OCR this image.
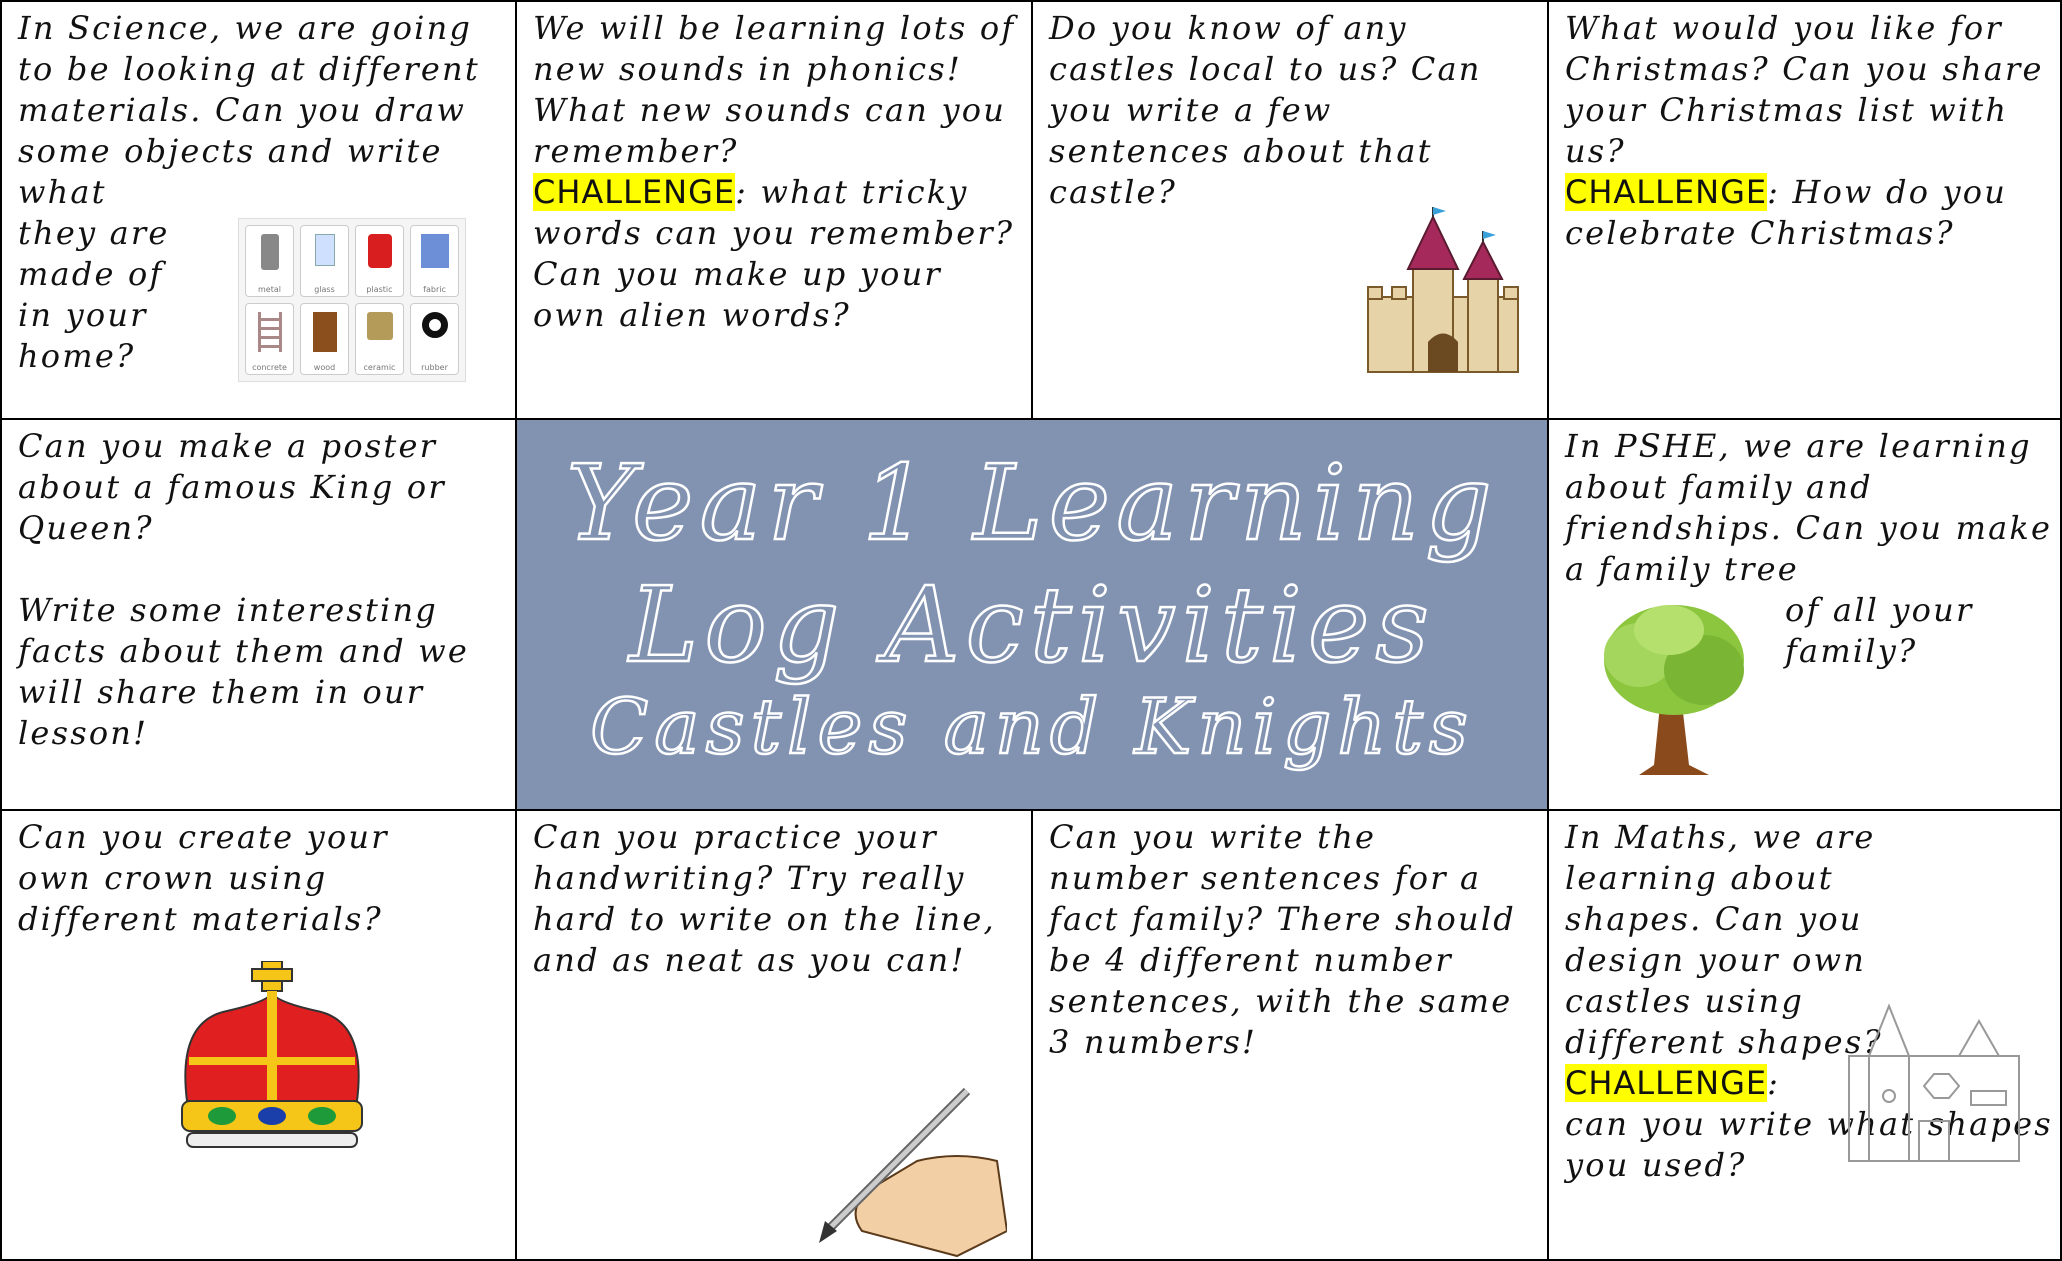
In Science, we are going to be looking at different materials. Can you draw some objects and write what

they are made of in your home?

metal	glass	plastic	fabric
concrete	wood	ceramic	rubber

We will be learning lots of new sounds in phonics! What new sounds can you remember?

CHALLENGE: what tricky words can you remember? Can you make up your own alien words?

Do you know of any castles local to us? Can you write a few sentences about that castle?

What would you like for Christmas? Can you share your Christmas list with us?

CHALLENGE: How do you celebrate Christmas?

Can you make a poster about a famous King or Queen?

Write some interesting facts about them and we will share them in our lesson!

Year 1 Learning
Log Activities
Castles and Knights

In PSHE, we are learning about family and friendships. Can you make a family tree

of all your family?

Can you create your own crown using different materials?

Can you practice your handwriting? Try really hard to write on the line, and as neat as you can!

Can you write the number sentences for a fact family? There should be 4 different number sentences, with the same 3 numbers!

In Maths, we are learning about shapes. Can you design your own castles using different shapes?

CHALLENGE:

can you write what shapes you used?
